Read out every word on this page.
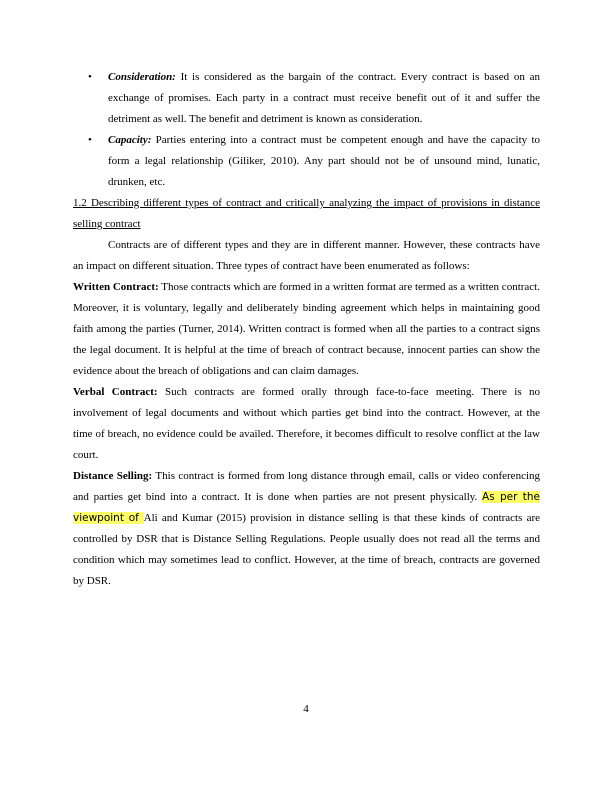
• Consideration: It is considered as the bargain of the contract. Every contract is based on an exchange of promises. Each party in a contract must receive benefit out of it and suffer the detriment as well. The benefit and detriment is known as consideration.
• Capacity: Parties entering into a contract must be competent enough and have the capacity to form a legal relationship (Giliker, 2010). Any part should not be of unsound mind, lunatic, drunken, etc.

1.2 Describing different types of contract and critically analyzing the impact of provisions in distance selling contract

Contracts are of different types and they are in different manner. However, these contracts have an impact on different situation. Three types of contract have been enumerated as follows:

Written Contract: Those contracts which are formed in a written format are termed as a written contract. Moreover, it is voluntary, legally and deliberately binding agreement which helps in maintaining good faith among the parties (Turner, 2014). Written contract is formed when all the parties to a contract signs the legal document. It is helpful at the time of breach of contract because, innocent parties can show the evidence about the breach of obligations and can claim damages.

Verbal Contract: Such contracts are formed orally through face-to-face meeting. There is no involvement of legal documents and without which parties get bind into the contract. However, at the time of breach, no evidence could be availed. Therefore, it becomes difficult to resolve conflict at the law court.

Distance Selling: This contract is formed from long distance through email, calls or video conferencing and parties get bind into a contract. It is done when parties are not present physically. As per the viewpoint of Ali and Kumar (2015) provision in distance selling is that these kinds of contracts are controlled by DSR that is Distance Selling Regulations. People usually does not read all the terms and condition which may sometimes lead to conflict. However, at the time of breach, contracts are governed by DSR.

4
